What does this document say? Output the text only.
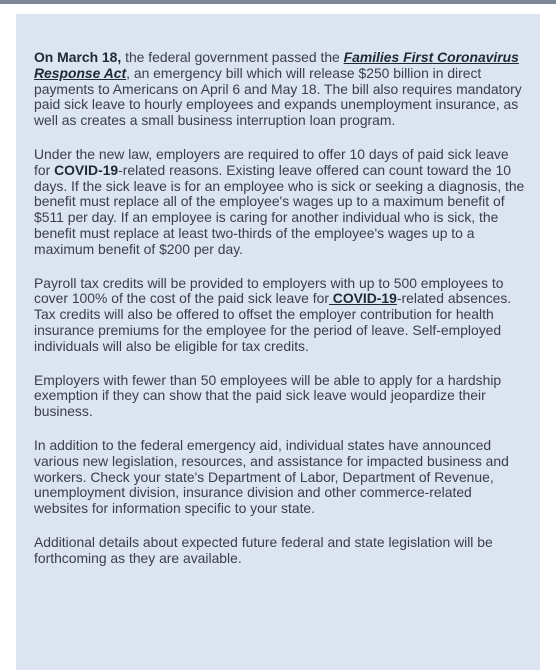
On March 18, the federal government passed the Families First Coronavirus Response Act, an emergency bill which will release $250 billion in direct payments to Americans on April 6 and May 18. The bill also requires mandatory paid sick leave to hourly employees and expands unemployment insurance, as well as creates a small business interruption loan program.

Under the new law, employers are required to offer 10 days of paid sick leave for COVID-19-related reasons. Existing leave offered can count toward the 10 days. If the sick leave is for an employee who is sick or seeking a diagnosis, the benefit must replace all of the employee's wages up to a maximum benefit of $511 per day. If an employee is caring for another individual who is sick, the benefit must replace at least two-thirds of the employee's wages up to a maximum benefit of $200 per day.

Payroll tax credits will be provided to employers with up to 500 employees to cover 100% of the cost of the paid sick leave for COVID-19-related absences. Tax credits will also be offered to offset the employer contribution for health insurance premiums for the employee for the period of leave. Self-employed individuals will also be eligible for tax credits.

Employers with fewer than 50 employees will be able to apply for a hardship exemption if they can show that the paid sick leave would jeopardize their business.

In addition to the federal emergency aid, individual states have announced various new legislation, resources, and assistance for impacted business and workers. Check your state's Department of Labor, Department of Revenue, unemployment division, insurance division and other commerce-related websites for information specific to your state.

Additional details about expected future federal and state legislation will be forthcoming as they are available.
